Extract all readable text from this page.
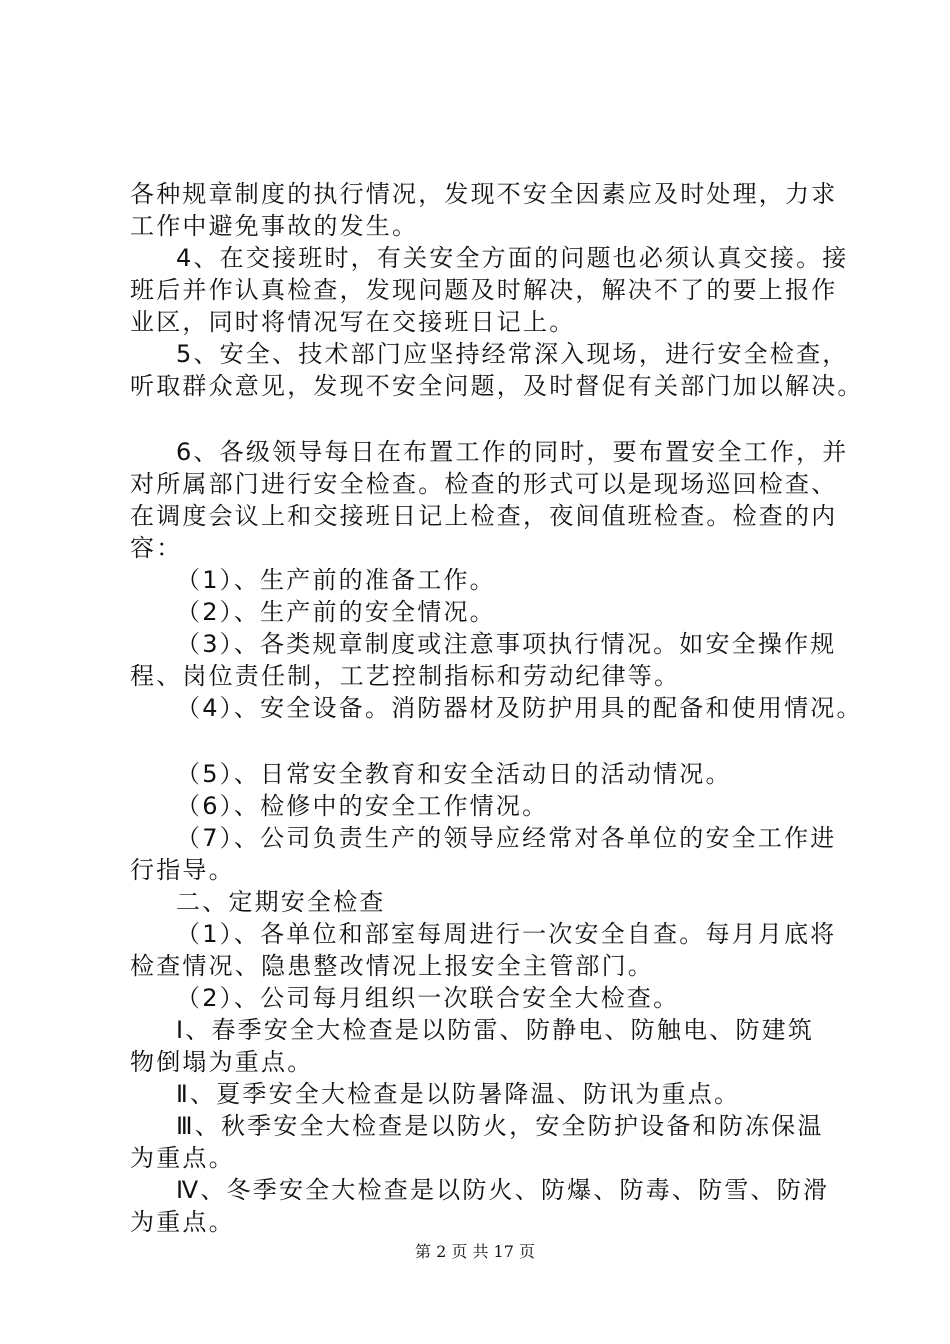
各种规章制度的执行情况，发现不安全因素应及时处理，力求
工作中避免事故的发生。
4、在交接班时，有关安全方面的问题也必须认真交接。接
班后并作认真检查，发现问题及时解决，解决不了的要上报作
业区，同时将情况写在交接班日记上。
5、安全、技术部门应坚持经常深入现场，进行安全检查，
听取群众意见，发现不安全问题，及时督促有关部门加以解决。
6、各级领导每日在布置工作的同时，要布置安全工作，并
对所属部门进行安全检查。检查的形式可以是现场巡回检查、
在调度会议上和交接班日记上检查，夜间值班检查。检查的内
容：
（1）、生产前的准备工作。
（2）、生产前的安全情况。
（3）、各类规章制度或注意事项执行情况。如安全操作规
程、岗位责任制，工艺控制指标和劳动纪律等。
（4）、安全设备。消防器材及防护用具的配备和使用情况。
（5）、日常安全教育和安全活动日的活动情况。
（6）、检修中的安全工作情况。
（7）、公司负责生产的领导应经常对各单位的安全工作进
行指导。
二、定期安全检查
（1）、各单位和部室每周进行一次安全自查。每月月底将
检查情况、隐患整改情况上报安全主管部门。
（2）、公司每月组织一次联合安全大检查。
Ⅰ、春季安全大检查是以防雷、防静电、防触电、防建筑
物倒塌为重点。
Ⅱ、夏季安全大检查是以防暑降温、防讯为重点。
Ⅲ、秋季安全大检查是以防火，安全防护设备和防冻保温
为重点。
Ⅳ、冬季安全大检查是以防火、防爆、防毒、防雪、防滑
为重点。
第 2 页 共 17 页
